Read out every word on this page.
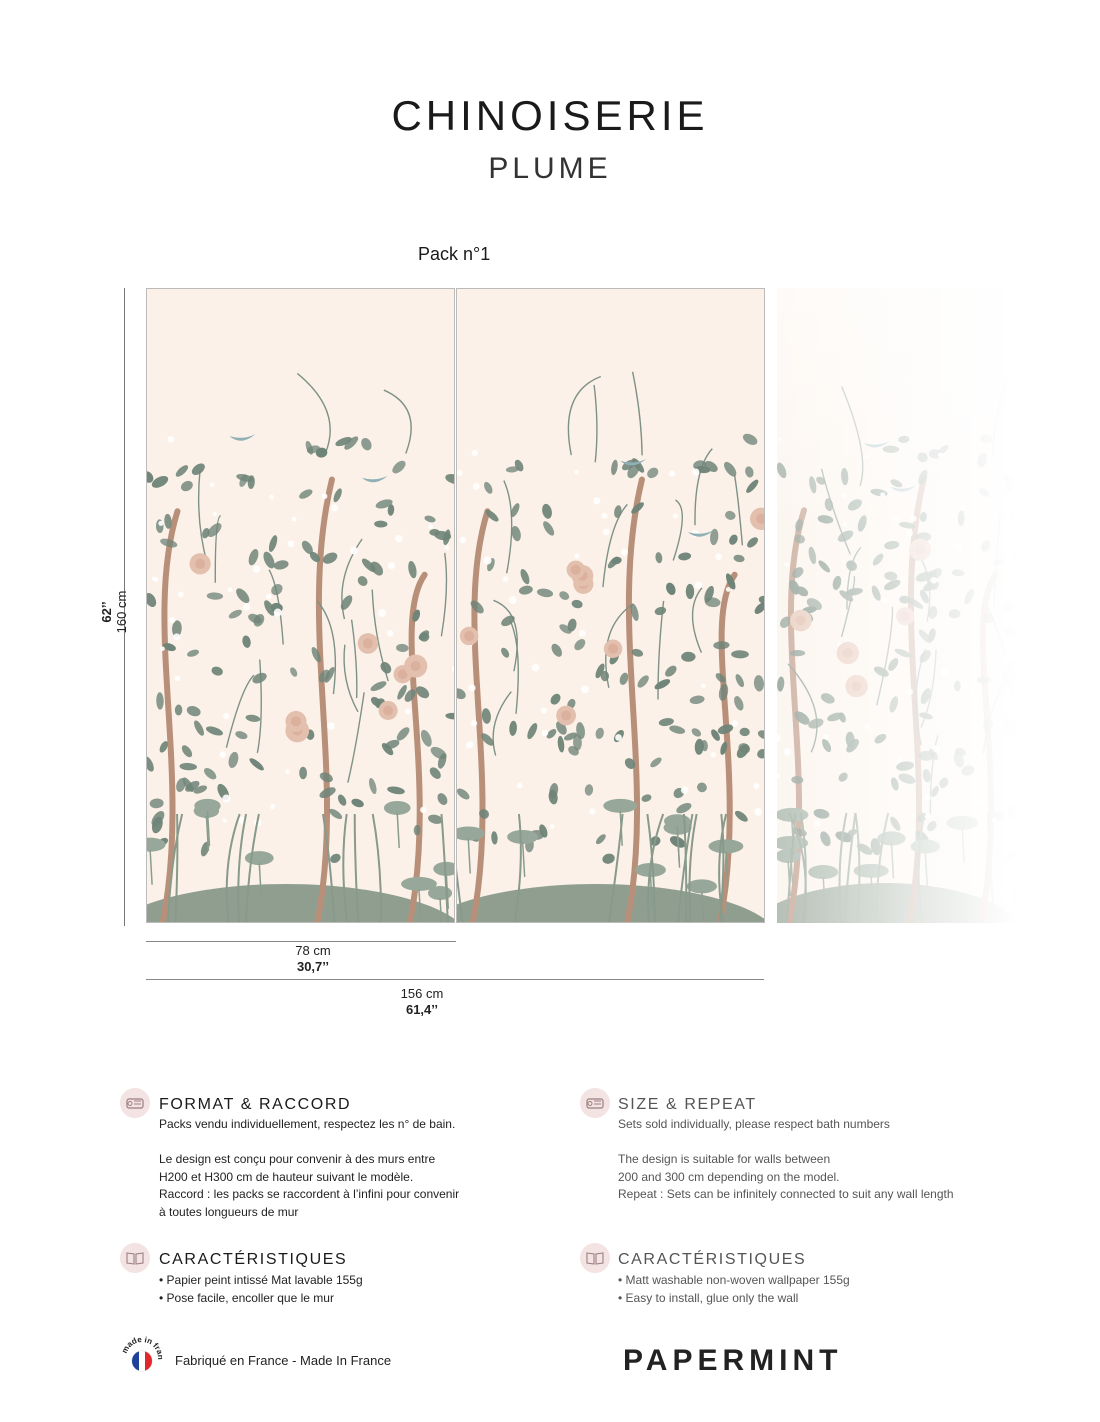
CHINOISERIE
PLUME
Pack n°1
62’’ 160 cm
78 cm
30,7’’
156 cm
61,4’’
FORMAT & RACCORD

Packs vendu individuellement, respectez les n° de bain.

Le design est conçu pour convenir à des murs entre

H200 et H300 cm de hauteur suivant le modèle.

Raccord : les packs se raccordent à l’infini pour convenir

à toutes longueurs de mur

SIZE & REPEAT

Sets sold individually, please respect bath numbers

The design is suitable for walls between

200 and 300 cm depending on the model.

Repeat : Sets can be infinitely connected to suit any wall length

CARACTÉRISTIQUES

• Papier peint intissé Mat lavable 155g

• Pose facile, encoller que le mur

CARACTÉRISTIQUES

• Matt washable non-woven wallpaper 155g

• Easy to install, glue only the wall

ade in fr
Fabriqué en France - Made In France	PAPERMINT
